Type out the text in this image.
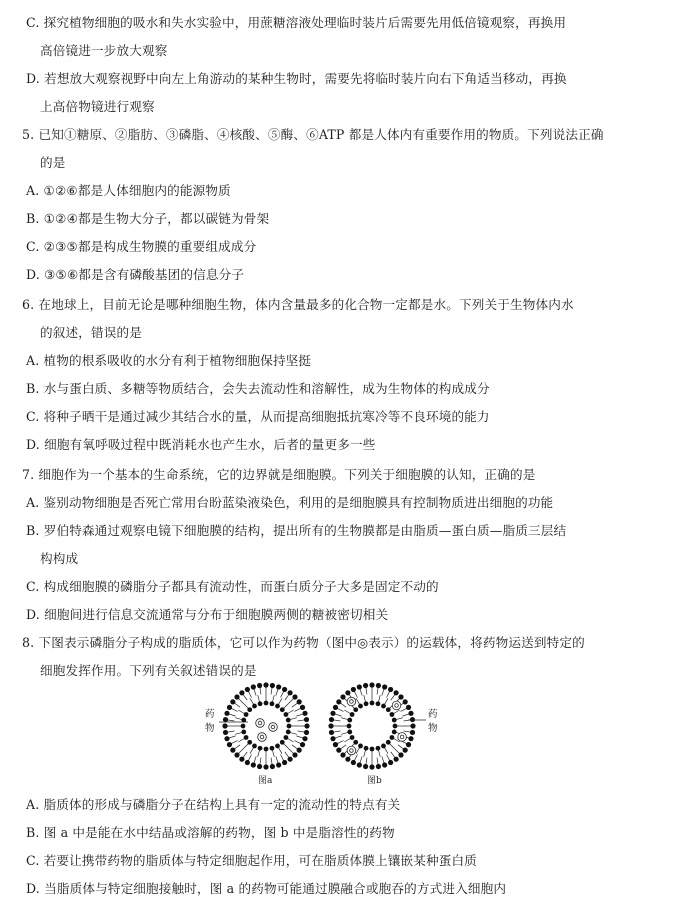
C. 探究植物细胞的吸水和失水实验中，用蔗糖溶液处理临时装片后需要先用低倍镜观察，再换用
高倍镜进一步放大观察
D. 若想放大观察视野中向左上角游动的某种生物时，需要先将临时装片向右下角适当移动，再换
上高倍物镜进行观察
5. 已知①糖原、②脂肪、③磷脂、④核酸、⑤酶、⑥ATP 都是人体内有重要作用的物质。下列说法正确
的是
A. ①②⑥都是人体细胞内的能源物质
B. ①②④都是生物大分子，都以碳链为骨架
C. ②③⑤都是构成生物膜的重要组成成分
D. ③⑤⑥都是含有磷酸基团的信息分子
6. 在地球上，目前无论是哪种细胞生物，体内含量最多的化合物一定都是水。下列关于生物体内水
的叙述，错误的是
A. 植物的根系吸收的水分有利于植物细胞保持坚挺
B. 水与蛋白质、多糖等物质结合，会失去流动性和溶解性，成为生物体的构成成分
C. 将种子晒干是通过减少其结合水的量，从而提高细胞抵抗寒冷等不良环境的能力
D. 细胞有氧呼吸过程中既消耗水也产生水，后者的量更多一些
7. 细胞作为一个基本的生命系统，它的边界就是细胞膜。下列关于细胞膜的认知，正确的是
A. 鉴别动物细胞是否死亡常用台盼蓝染液染色，利用的是细胞膜具有控制物质进出细胞的功能
B. 罗伯特森通过观察电镜下细胞膜的结构，提出所有的生物膜都是由脂质—蛋白质—脂质三层结
构构成
C. 构成细胞膜的磷脂分子都具有流动性，而蛋白质分子大多是固定不动的
D. 细胞间进行信息交流通常与分布于细胞膜两侧的糖被密切相关
8. 下图表示磷脂分子构成的脂质体，它可以作为药物（图中◎表示）的运载体，将药物运送到特定的
细胞发挥作用。下列有关叙述错误的是
药
物
药
物
图a	图b
A. 脂质体的形成与磷脂分子在结构上具有一定的流动性的特点有关
B. 图 a 中是能在水中结晶或溶解的药物，图 b 中是脂溶性的药物
C. 若要让携带药物的脂质体与特定细胞起作用，可在脂质体膜上镶嵌某种蛋白质
D. 当脂质体与特定细胞接触时，图 a 的药物可能通过膜融合或胞吞的方式进入细胞内
